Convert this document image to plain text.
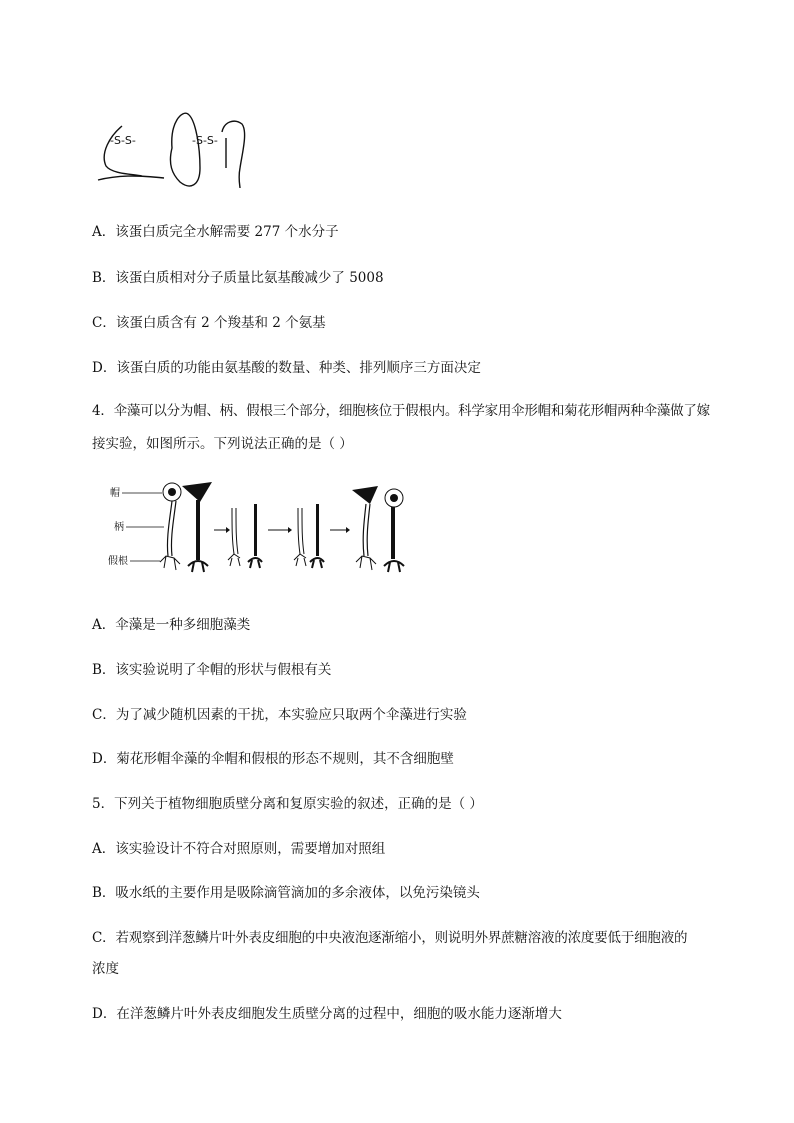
-S-S-	-S-S-
A．该蛋白质完全水解需要 277 个水分子
B．该蛋白质相对分子质量比氨基酸减少了 5008
C．该蛋白质含有 2 个羧基和 2 个氨基
D．该蛋白质的功能由氨基酸的数量、种类、排列顺序三方面决定
4．伞藻可以分为帽、柄、假根三个部分，细胞核位于假根内。科学家用伞形帽和菊花形帽两种伞藻做了嫁
接实验，如图所示。下列说法正确的是（ ）
帽
柄
假根
A．伞藻是一种多细胞藻类
B．该实验说明了伞帽的形状与假根有关
C．为了减少随机因素的干扰，本实验应只取两个伞藻进行实验
D．菊花形帽伞藻的伞帽和假根的形态不规则，其不含细胞壁
5．下列关于植物细胞质壁分离和复原实验的叙述，正确的是（ ）
A．该实验设计不符合对照原则，需要增加对照组
B．吸水纸的主要作用是吸除滴管滴加的多余液体，以免污染镜头
C．若观察到洋葱鳞片叶外表皮细胞的中央液泡逐渐缩小，则说明外界蔗糖溶液的浓度要低于细胞液的
浓度
D．在洋葱鳞片叶外表皮细胞发生质壁分离的过程中，细胞的吸水能力逐渐增大
